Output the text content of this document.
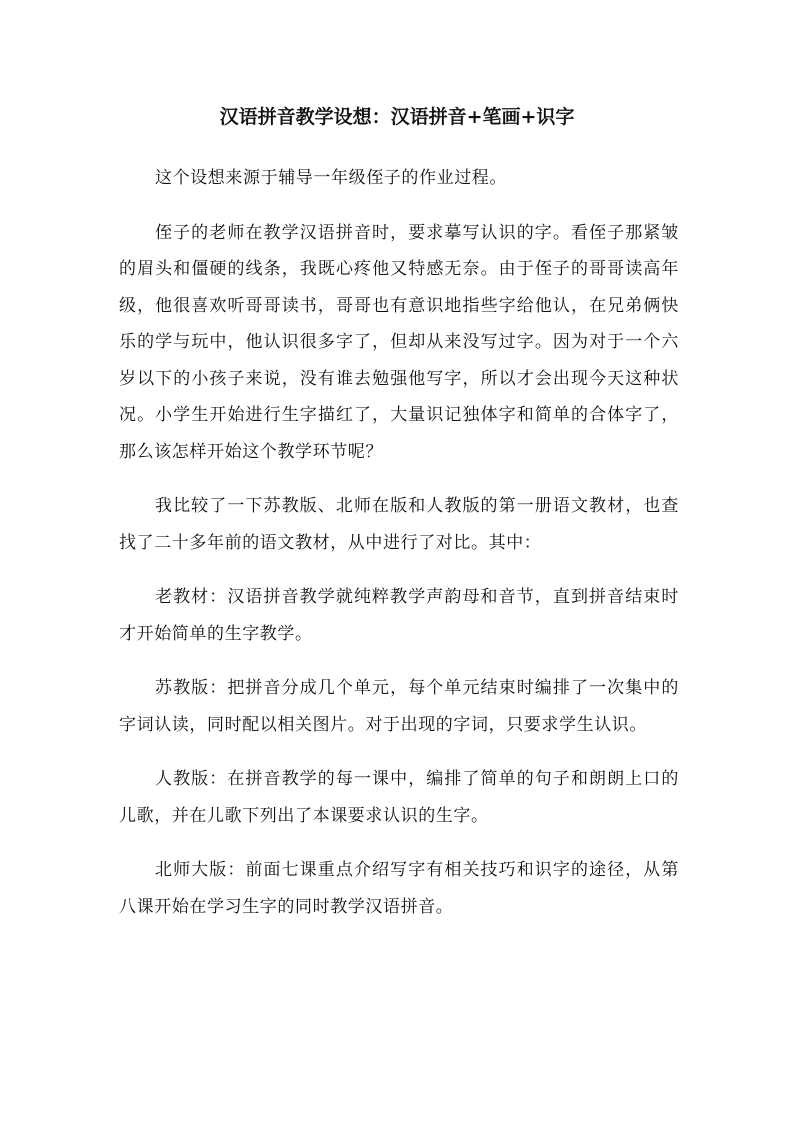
汉语拼音教学设想：汉语拼音+笔画+识字

这个设想来源于辅导一年级侄子的作业过程。

侄子的老师在教学汉语拼音时，要求摹写认识的字。看侄子那紧皱的眉头和僵硬的线条，我既心疼他又特感无奈。由于侄子的哥哥读高年级，他很喜欢听哥哥读书，哥哥也有意识地指些字给他认，在兄弟俩快乐的学与玩中，他认识很多字了，但却从来没写过字。因为对于一个六岁以下的小孩子来说，没有谁去勉强他写字，所以才会出现今天这种状况。小学生开始进行生字描红了，大量识记独体字和简单的合体字了，那么该怎样开始这个教学环节呢？

我比较了一下苏教版、北师在版和人教版的第一册语文教材，也查找了二十多年前的语文教材，从中进行了对比。其中：

老教材：汉语拼音教学就纯粹教学声韵母和音节，直到拼音结束时才开始简单的生字教学。

苏教版：把拼音分成几个单元，每个单元结束时编排了一次集中的字词认读，同时配以相关图片。对于出现的字词，只要求学生认识。

人教版：在拼音教学的每一课中，编排了简单的句子和朗朗上口的儿歌，并在儿歌下列出了本课要求认识的生字。

北师大版：前面七课重点介绍写字有相关技巧和识字的途径，从第八课开始在学习生字的同时教学汉语拼音。
